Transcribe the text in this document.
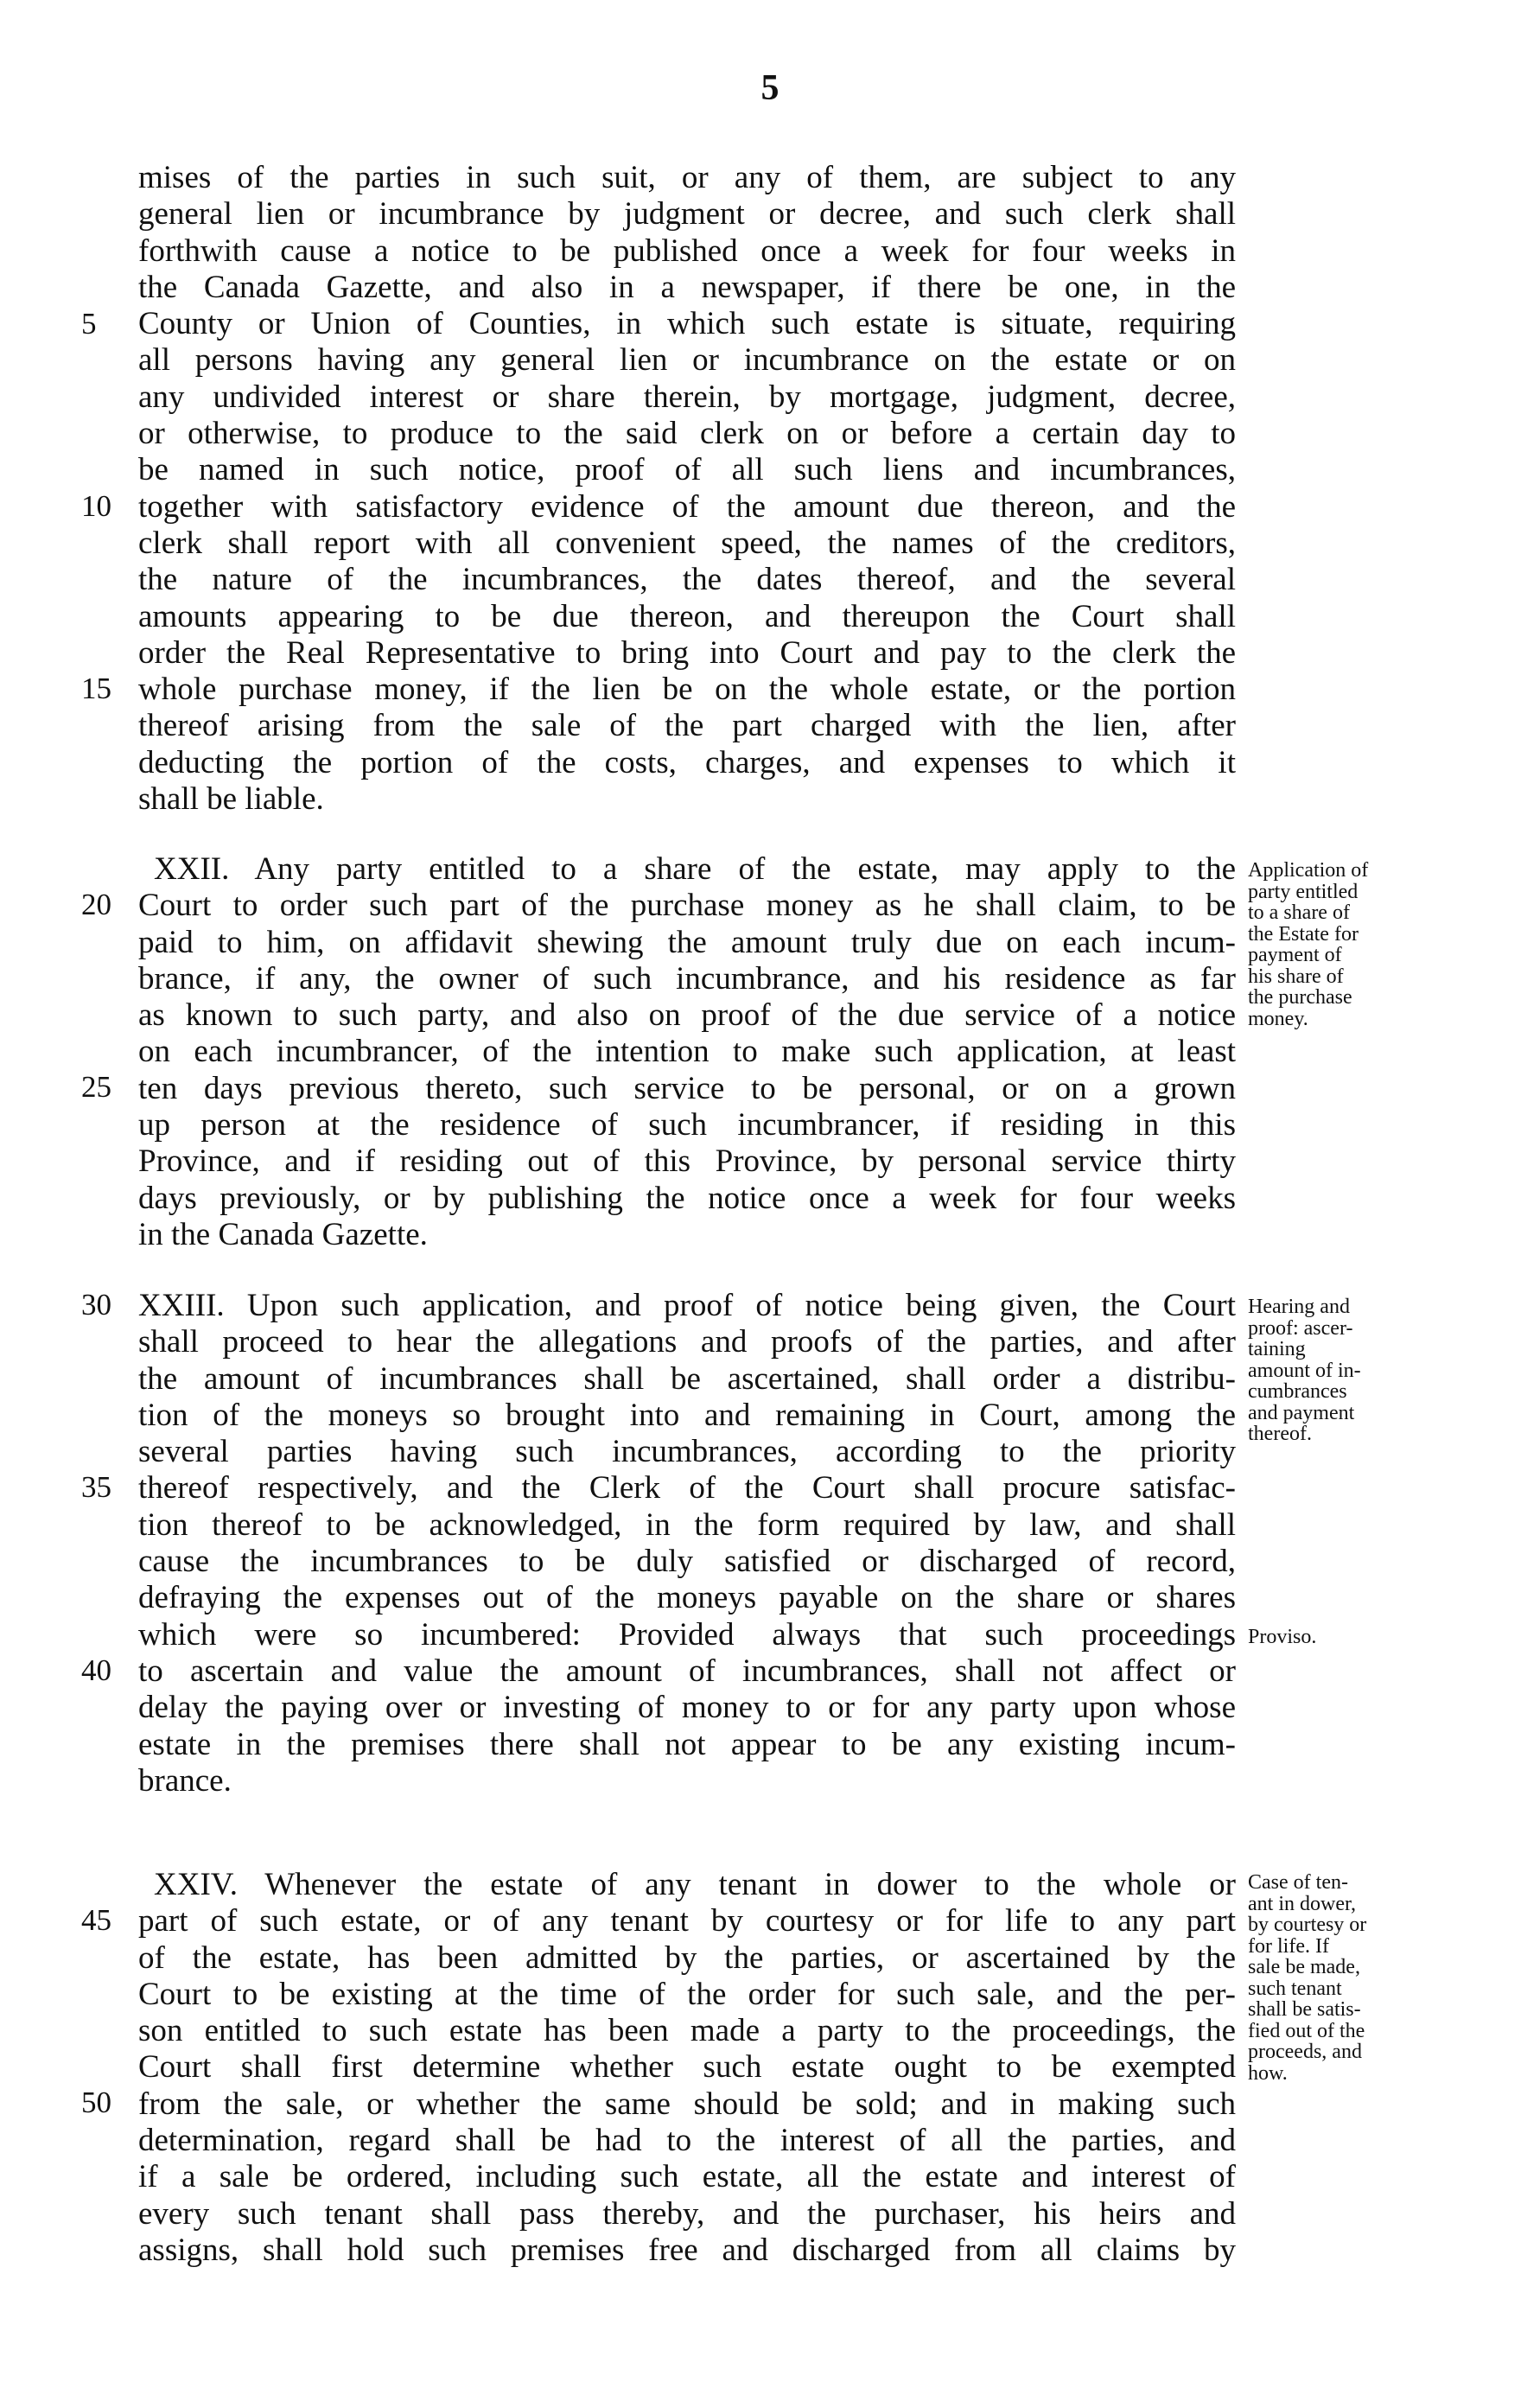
5
mises of the parties in such suit, or any of them, are subject to any
general lien or incumbrance by judgment or decree, and such clerk shall
forthwith cause a notice to be published once a week for four weeks in
the Canada Gazette, and also in a newspaper, if there be one, in the
County or Union of Counties, in which such estate is situate, requiring
all persons having any general lien or incumbrance on the estate or on
any undivided interest or share therein, by mortgage, judgment, decree,
or otherwise, to produce to the said clerk on or before a certain day to
be named in such notice, proof of all such liens and incumbrances,
together with satisfactory evidence of the amount due thereon, and the
clerk shall report with all convenient speed, the names of the creditors,
the nature of the incumbrances, the dates thereof, and the several
amounts appearing to be due thereon, and thereupon the Court shall
order the Real Representative to bring into Court and pay to the clerk the
whole purchase money, if the lien be on the whole estate, or the portion
thereof arising from the sale of the part charged with the lien, after
deducting the portion of the costs, charges, and expenses to which it
shall be liable.
XXII. Any party entitled to a share of the estate, may apply to the
Court to order such part of the purchase money as he shall claim, to be
paid to him, on affidavit shewing the amount truly due on each incum-
brance, if any, the owner of such incumbrance, and his residence as far
as known to such party, and also on proof of the due service of a notice
on each incumbrancer, of the intention to make such application, at least
ten days previous thereto, such service to be personal, or on a grown
up person at the residence of such incumbrancer, if residing in this
Province, and if residing out of this Province, by personal service thirty
days previously, or by publishing the notice once a week for four weeks
in the Canada Gazette.
XXIII. Upon such application, and proof of notice being given, the Court
shall proceed to hear the allegations and proofs of the parties, and after
the amount of incumbrances shall be ascertained, shall order a distribu-
tion of the moneys so brought into and remaining in Court, among the
several parties having such incumbrances, according to the priority
thereof respectively, and the Clerk of the Court shall procure satisfac-
tion thereof to be acknowledged, in the form required by law, and shall
cause the incumbrances to be duly satisfied or discharged of record,
defraying the expenses out of the moneys payable on the share or shares
which were so incumbered: Provided always that such proceedings
to ascertain and value the amount of incumbrances, shall not affect or
delay the paying over or investing of money to or for any party upon whose
estate in the premises there shall not appear to be any existing incum-
brance.
XXIV. Whenever the estate of any tenant in dower to the whole or
part of such estate, or of any tenant by courtesy or for life to any part
of the estate, has been admitted by the parties, or ascertained by the
Court to be existing at the time of the order for such sale, and the per-
son entitled to such estate has been made a party to the proceedings, the
Court shall first determine whether such estate ought to be exempted
from the sale, or whether the same should be sold; and in making such
determination, regard shall be had to the interest of all the parties, and
if a sale be ordered, including such estate, all the estate and interest of
every such tenant shall pass thereby, and the purchaser, his heirs and
assigns, shall hold such premises free and discharged from all claims by
5
10
15
20
25
30
35
40
45
50
Application of
party entitled
to a share of
the Estate for
payment of
his share of
the purchase
money.
Hearing and
proof: ascer-
taining
amount of in-
cumbrances
and payment
thereof.
Proviso.
Case of ten-
ant in dower,
by courtesy or
for life. If
sale be made,
such tenant
shall be satis-
fied out of the
proceeds, and
how.
